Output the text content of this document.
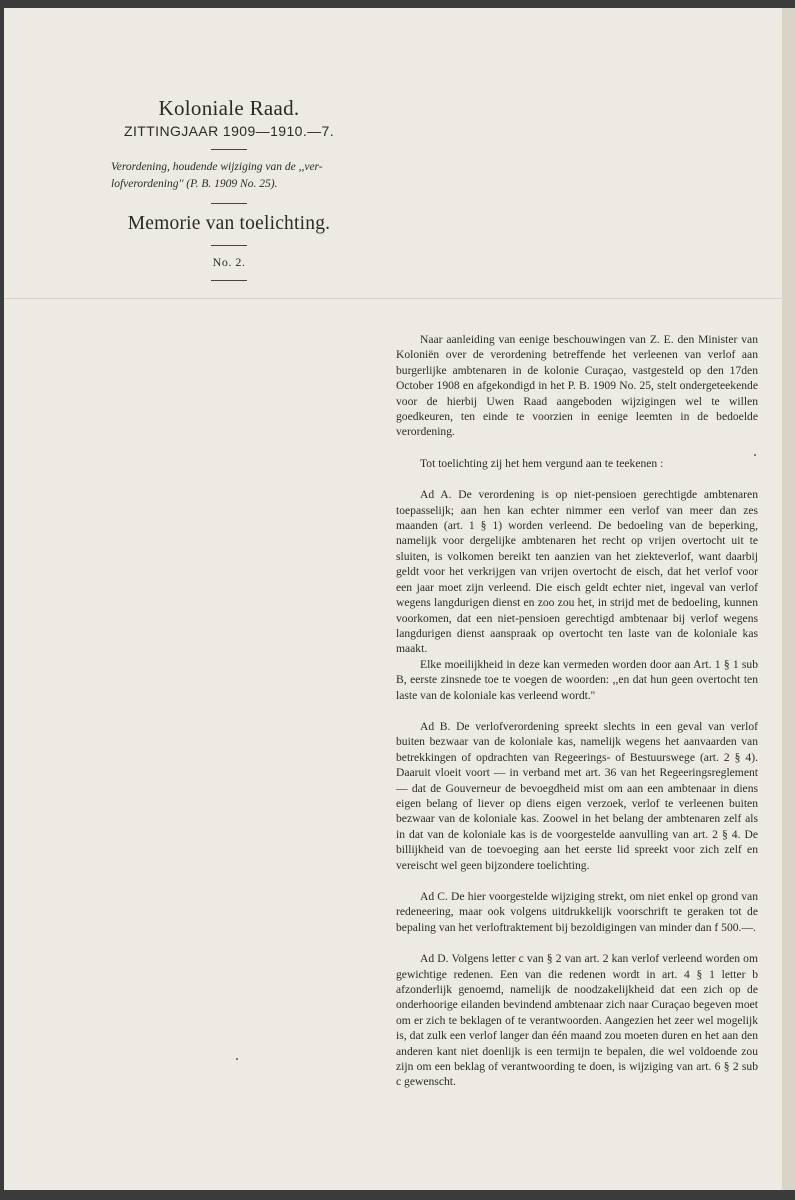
Koloniale Raad.
ZITTINGJAAR 1909—1910.—7.
Verordening, houdende wijziging van de ,,ver-
lofverordening'' (P. B. 1909 No. 25).
Memorie van toelichting.
No. 2.

Naar aanleiding van eenige beschouwingen van Z. E. den Minister van Koloniën over de verordening betreffende het verleenen van verlof aan burgerlijke ambtenaren in de kolonie Curaçao, vastgesteld op den 17den October 1908 en afgekondigd in het P. B. 1909 No. 25, stelt ondergeteekende voor de hierbij Uwen Raad aangeboden wijzigingen wel te willen goedkeuren, ten einde te voorzien in eenige leemten in de bedoelde verordening.

Tot toelichting zij het hem vergund aan te teekenen :

Ad A. De verordening is op niet-pensioen gerechtigde ambtenaren toepasselijk; aan hen kan echter nimmer een verlof van meer dan zes maanden (art. 1 § 1) worden verleend. De bedoeling van de beperking, namelijk voor dergelijke ambtenaren het recht op vrijen overtocht uit te sluiten, is volkomen bereikt ten aanzien van het ziekteverlof, want daarbij geldt voor het verkrijgen van vrijen overtocht de eisch, dat het verlof voor een jaar moet zijn verleend. Die eisch geldt echter niet, ingeval van verlof wegens langdurigen dienst en zoo zou het, in strijd met de bedoeling, kunnen voorkomen, dat een niet-pensioen gerechtigd ambtenaar bij verlof wegens langdurigen dienst aanspraak op overtocht ten laste van de koloniale kas maakt.

Elke moeilijkheid in deze kan vermeden worden door aan Art. 1 § 1 sub B, eerste zinsnede toe te voegen de woorden: ,,en dat hun geen overtocht ten laste van de koloniale kas verleend wordt.''

Ad B. De verlofverordening spreekt slechts in een geval van verlof buiten bezwaar van de koloniale kas, namelijk wegens het aanvaarden van betrekkingen of opdrachten van Regeerings- of Bestuurswege (art. 2 § 4). Daaruit vloeit voort — in verband met art. 36 van het Regeeringsreglement — dat de Gouverneur de bevoegdheid mist om aan een ambtenaar in diens eigen belang of liever op diens eigen verzoek, verlof te verleenen buiten bezwaar van de koloniale kas. Zoowel in het belang der ambtenaren zelf als in dat van de koloniale kas is de voorgestelde aanvulling van art. 2 § 4. De billijkheid van de toevoeging aan het eerste lid spreekt voor zich zelf en vereischt wel geen bijzondere toelichting.

Ad C. De hier voorgestelde wijziging strekt, om niet enkel op grond van redeneering, maar ook volgens uitdrukkelijk voorschrift te geraken tot de bepaling van het verloftraktement bij bezoldigingen van minder dan f 500.—.

Ad D. Volgens letter c van § 2 van art. 2 kan verlof verleend worden om gewichtige redenen. Een van die redenen wordt in art. 4 § 1 letter b afzonderlijk genoemd, namelijk de noodzakelijkheid dat een zich op de onderhoorige eilanden bevindend ambtenaar zich naar Curaçao begeven moet om er zich te beklagen of te verantwoorden. Aangezien het zeer wel mogelijk is, dat zulk een verlof langer dan één maand zou moeten duren en het aan den anderen kant niet doenlijk is een termijn te bepalen, die wel voldoende zou zijn om een beklag of verantwoording te doen, is wijziging van art. 6 § 2 sub c gewenscht.
